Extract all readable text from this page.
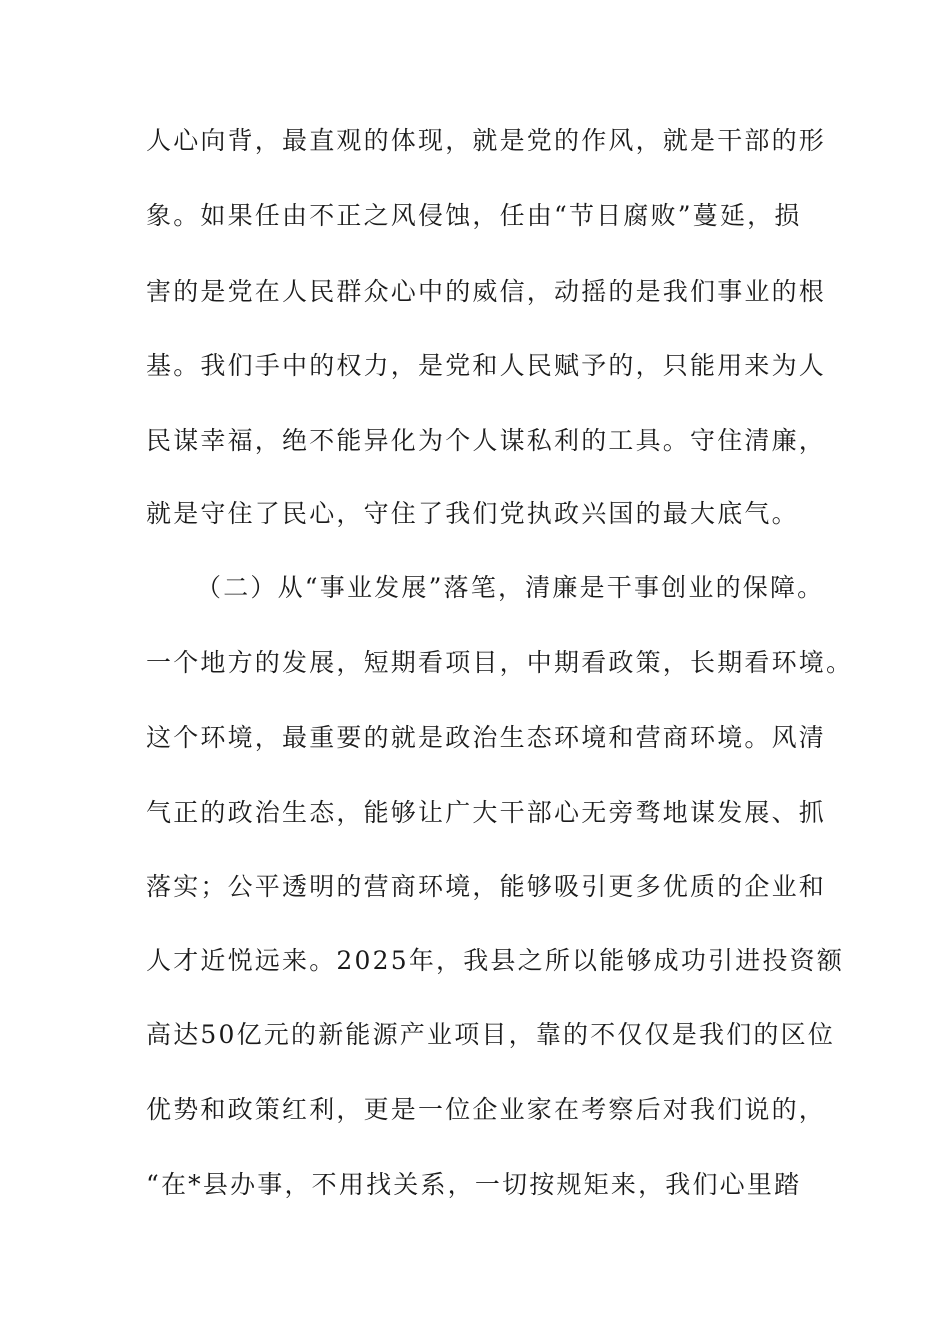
人心向背，最直观的体现，就是党的作风，就是干部的形
象。如果任由不正之风侵蚀，任由“节日腐败”蔓延，损
害的是党在人民群众心中的威信，动摇的是我们事业的根
基。我们手中的权力，是党和人民赋予的，只能用来为人
民谋幸福，绝不能异化为个人谋私利的工具。守住清廉，
就是守住了民心，守住了我们党执政兴国的最大底气。
（二）从“事业发展”落笔，清廉是干事创业的保障。
一个地方的发展，短期看项目，中期看政策，长期看环境。
这个环境，最重要的就是政治生态环境和营商环境。风清
气正的政治生态，能够让广大干部心无旁骛地谋发展、抓
落实；公平透明的营商环境，能够吸引更多优质的企业和
人才近悦远来。2025年，我县之所以能够成功引进投资额
高达50亿元的新能源产业项目，靠的不仅仅是我们的区位
优势和政策红利，更是一位企业家在考察后对我们说的，
“在*县办事，不用找关系，一切按规矩来，我们心里踏
